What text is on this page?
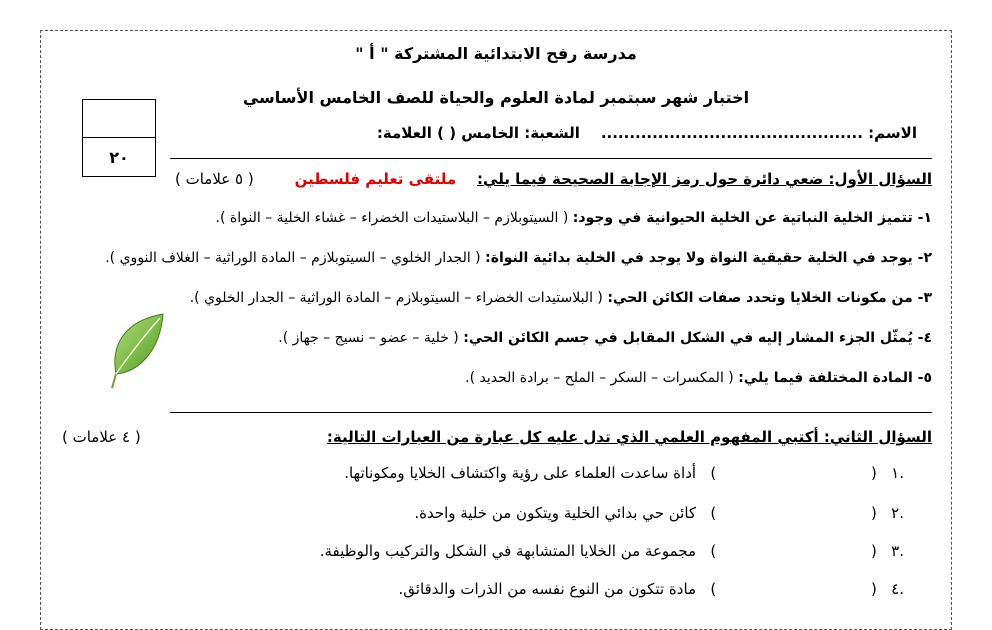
مدرسة رفح الابتدائية المشتركة " أ "
اختبار شهر سبتمبر لمادة العلوم والحياة للصف الخامس الأساسي
الاسم: ..............................................    الشعبة: الخامس ( ) العلامة:
٢٠
السؤال الأول: ضعي دائرة حول رمز الإجابة الصحيحة فيما يلي:    ملتقى تعليم فلسطين
( ٥ علامات )
١- تتميز الخلية النباتية عن الخلية الحيوانية في وجود: ( السيتوبلازم – البلاستيدات الخضراء – غشاء الخلية – النواة ).
٢- يوجد في الخلية حقيقية النواة ولا يوجد في الخلية بدائية النواة: ( الجدار الخلوي – السيتوبلازم – المادة الوراثية – الغلاف النووي ).
٣- من مكونات الخلايا وتحدد صفات الكائن الحي: ( البلاستيدات الخضراء – السيتوبلازم – المادة الوراثية – الجدار الخلوي ).
٤- يُمثّل الجزء المشار إليه في الشكل المقابل في جسم الكائن الحي: ( خلية – عضو – نسيج – جهاز ).
٥- المادة المختلفة فيما يلي: ( المكسرات – السكر – الملح – برادة الحديد ).
السؤال الثاني: أكتبي المفهوم العلمي الذي تدل عليه كل عبارة من العبارات التالية:
( ٤ علامات )
.١   ( )   أداة ساعدت العلماء على رؤية واكتشاف الخلايا ومكوناتها.
.٢   ( )   كائن حي بدائي الخلية ويتكون من خلية واحدة.
.٣   ( )   مجموعة من الخلايا المتشابهة في الشكل والتركيب والوظيفة.
.٤   ( )   مادة تتكون من النوع نفسه من الذرات والدقائق.
